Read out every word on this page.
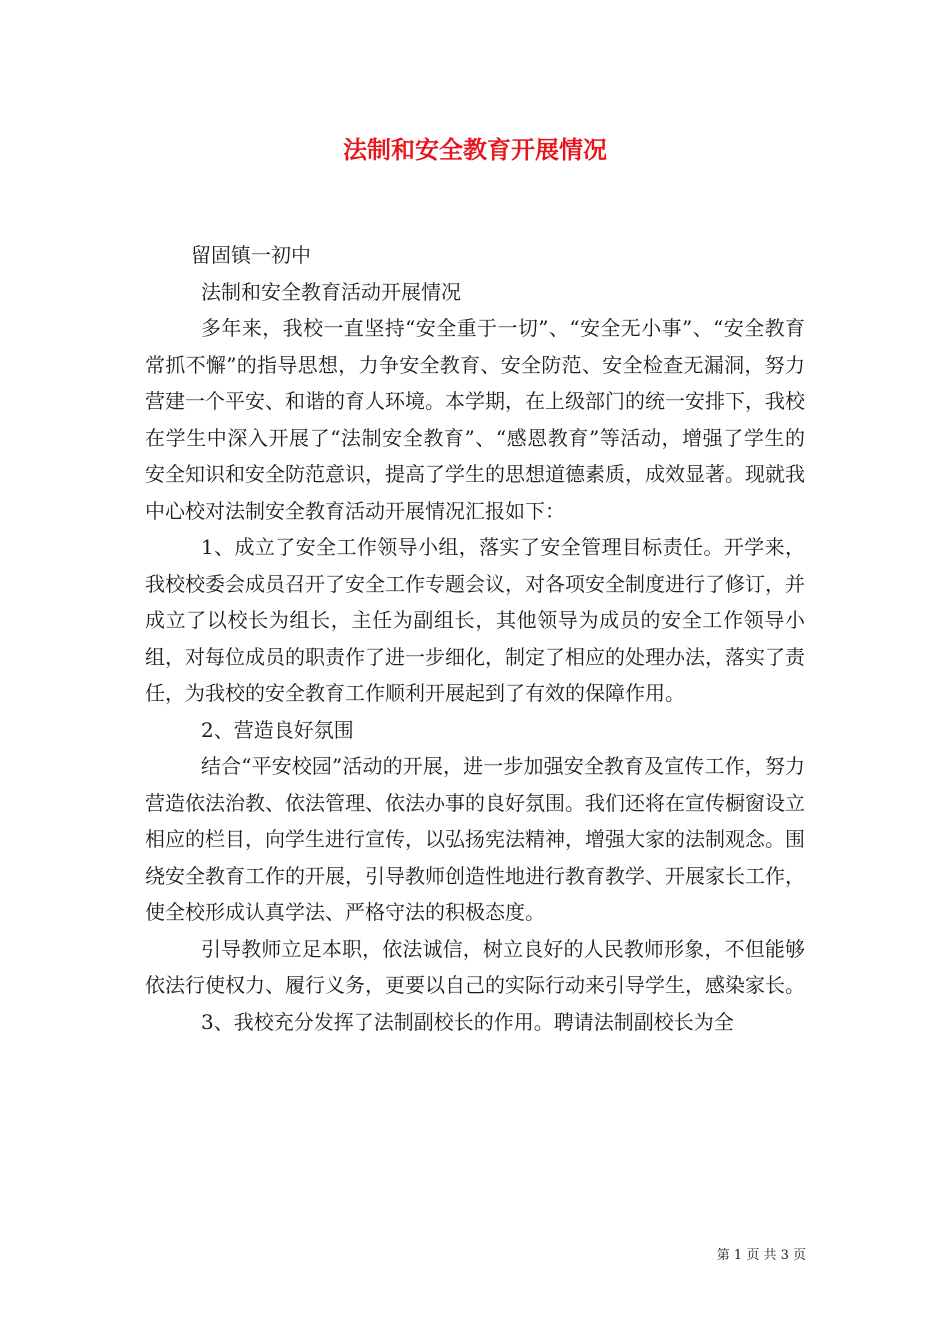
法制和安全教育开展情况

留固镇一初中

法制和安全教育活动开展情况

多年来，我校一直坚持“安全重于一切”、“安全无小事”、“安全教育常抓不懈”的指导思想，力争安全教育、安全防范、安全检查无漏洞，努力营建一个平安、和谐的育人环境。本学期，在上级部门的统一安排下，我校在学生中深入开展了“法制安全教育”、“感恩教育”等活动，增强了学生的安全知识和安全防范意识，提高了学生的思想道德素质，成效显著。现就我中心校对法制安全教育活动开展情况汇报如下：

1、成立了安全工作领导小组，落实了安全管理目标责任。开学来，我校校委会成员召开了安全工作专题会议，对各项安全制度进行了修订，并成立了以校长为组长，主任为副组长，其他领导为成员的安全工作领导小组，对每位成员的职责作了进一步细化，制定了相应的处理办法，落实了责任，为我校的安全教育工作顺利开展起到了有效的保障作用。

2、营造良好氛围

结合“平安校园”活动的开展，进一步加强安全教育及宣传工作，努力营造依法治教、依法管理、依法办事的良好氛围。我们还将在宣传橱窗设立相应的栏目，向学生进行宣传，以弘扬宪法精神，增强大家的法制观念。围绕安全教育工作的开展，引导教师创造性地进行教育教学、开展家长工作，使全校形成认真学法、严格守法的积极态度。

引导教师立足本职，依法诚信，树立良好的人民教师形象，不但能够依法行使权力、履行义务，更要以自己的实际行动来引导学生，感染家长。

3、我校充分发挥了法制副校长的作用。聘请法制副校长为全

第 1 页 共 3 页
